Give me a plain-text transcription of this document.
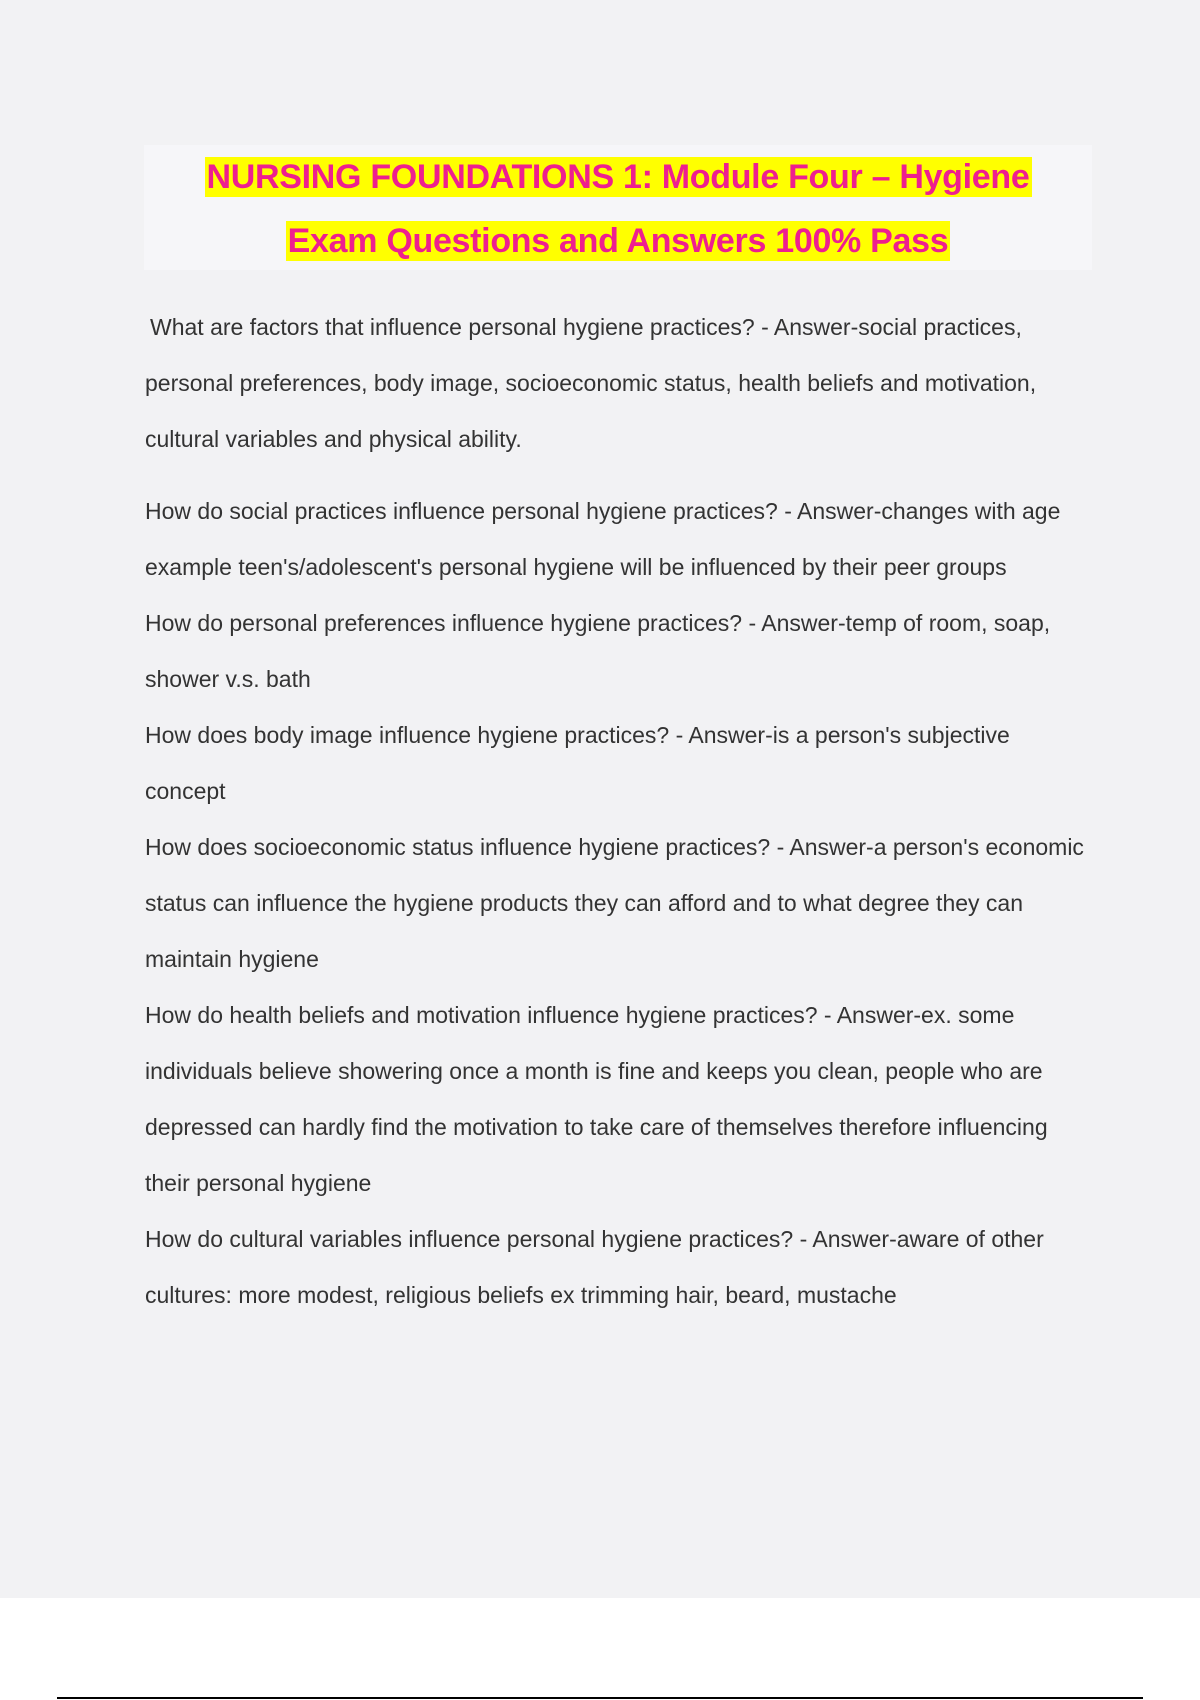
NURSING FOUNDATIONS 1: Module Four – Hygiene
Exam Questions and Answers 100% Pass

What are factors that influence personal hygiene practices? - Answer-social practices, personal preferences, body image, socioeconomic status, health beliefs and motivation, cultural variables and physical ability.

How do social practices influence personal hygiene practices? - Answer-changes with age example teen's/adolescent's personal hygiene will be influenced by their peer groups

How do personal preferences influence hygiene practices? - Answer-temp of room, soap, shower v.s. bath

How does body image influence hygiene practices? - Answer-is a person's subjective concept

How does socioeconomic status influence hygiene practices? - Answer-a person's economic status can influence the hygiene products they can afford and to what degree they can maintain hygiene

How do health beliefs and motivation influence hygiene practices? - Answer-ex. some individuals believe showering once a month is fine and keeps you clean, people who are depressed can hardly find the motivation to take care of themselves therefore influencing their personal hygiene

How do cultural variables influence personal hygiene practices? - Answer-aware of other cultures: more modest, religious beliefs ex trimming hair, beard, mustache
